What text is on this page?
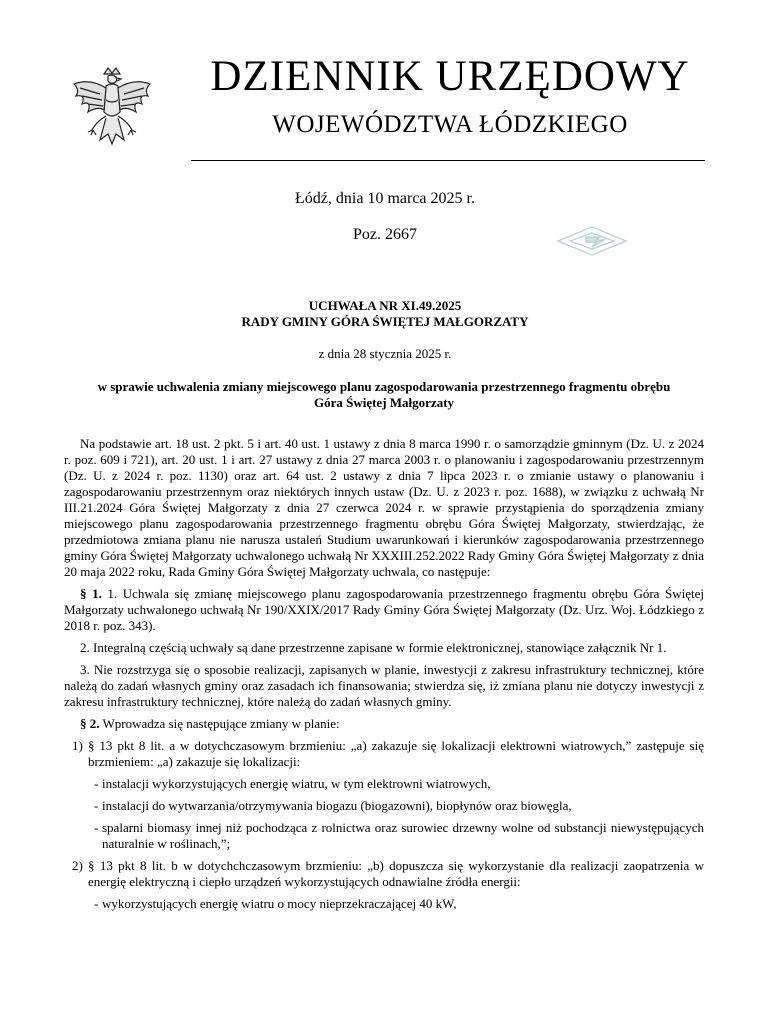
DZIENNIK URZĘDOWY
WOJEWÓDZTWA ŁÓDZKIEGO
Łódź, dnia 10 marca 2025 r.
Poz. 2667
UCHWAŁA NR XI.49.2025
RADY GMINY GÓRA ŚWIĘTEJ MAŁGORZATY
z dnia 28 stycznia 2025 r.
w sprawie uchwalenia zmiany miejscowego planu zagospodarowania przestrzennego fragmentu obrębu
Góra Świętej Małgorzaty

Na podstawie art. 18 ust. 2 pkt. 5 i art. 40 ust. 1 ustawy z dnia 8 marca 1990 r. o samorządzie gminnym (Dz. U. z 2024 r. poz. 609 i 721), art. 20 ust. 1 i art. 27 ustawy z dnia 27 marca 2003 r. o planowaniu i zagospodarowaniu przestrzennym (Dz. U. z 2024 r. poz. 1130) oraz art. 64 ust. 2 ustawy z dnia 7 lipca 2023 r. o zmianie ustawy o planowaniu i zagospodarowaniu przestrzennym oraz niektórych innych ustaw (Dz. U. z 2023 r. poz. 1688), w związku z uchwałą Nr III.21.2024 Góra Świętej Małgorzaty z dnia 27 czerwca 2024 r. w sprawie przystąpienia do sporządzenia zmiany miejscowego planu zagospodarowania przestrzennego fragmentu obrębu Góra Świętej Małgorzaty, stwierdzając, że przedmiotowa zmiana planu nie narusza ustaleń Studium uwarunkowań i kierunków zagospodarowania przestrzennego gminy Góra Świętej Małgorzaty uchwalonego uchwałą Nr XXXIII.252.2022 Rady Gminy Góra Świętej Małgorzaty z dnia 20 maja 2022 roku, Rada Gminy Góra Świętej Małgorzaty uchwala, co następuje:

§ 1. 1. Uchwala się zmianę miejscowego planu zagospodarowania przestrzennego fragmentu obrębu Góra Świętej Małgorzaty uchwalonego uchwałą Nr 190/XXIX/2017 Rady Gminy Góra Świętej Małgorzaty (Dz. Urz. Woj. Łódzkiego z 2018 r. poz. 343).

2. Integralną częścią uchwały są dane przestrzenne zapisane w formie elektronicznej, stanowiące załącznik Nr 1.

3. Nie rozstrzyga się o sposobie realizacji, zapisanych w planie, inwestycji z zakresu infrastruktury technicznej, które należą do zadań własnych gminy oraz zasadach ich finansowania; stwierdza się, iż zmiana planu nie dotyczy inwestycji z zakresu infrastruktury technicznej, które należą do zadań własnych gminy.

§ 2. Wprowadza się następujące zmiany w planie:

1) § 13 pkt 8 lit. a w dotychczasowym brzmieniu: „a) zakazuje się lokalizacji elektrowni wiatrowych,” zastępuje się brzmieniem: „a) zakazuje się lokalizacji:
- instalacji wykorzystujących energię wiatru, w tym elektrowni wiatrowych,
- instalacji do wytwarzania/otrzymywania biogazu (biogazowni), biopłynów oraz biowęgla,
- spalarni biomasy innej niż pochodząca z rolnictwa oraz surowiec drzewny wolne od substancji niewystępujących naturalnie w roślinach,”;
2) § 13 pkt 8 lit. b w dotychchczasowym brzmieniu: „b) dopuszcza się wykorzystanie dla realizacji zaopatrzenia w energię elektryczną i ciepło urządzeń wykorzystujących odnawialne źródła energii:
- wykorzystujących energię wiatru o mocy nieprzekraczającej 40 kW,
